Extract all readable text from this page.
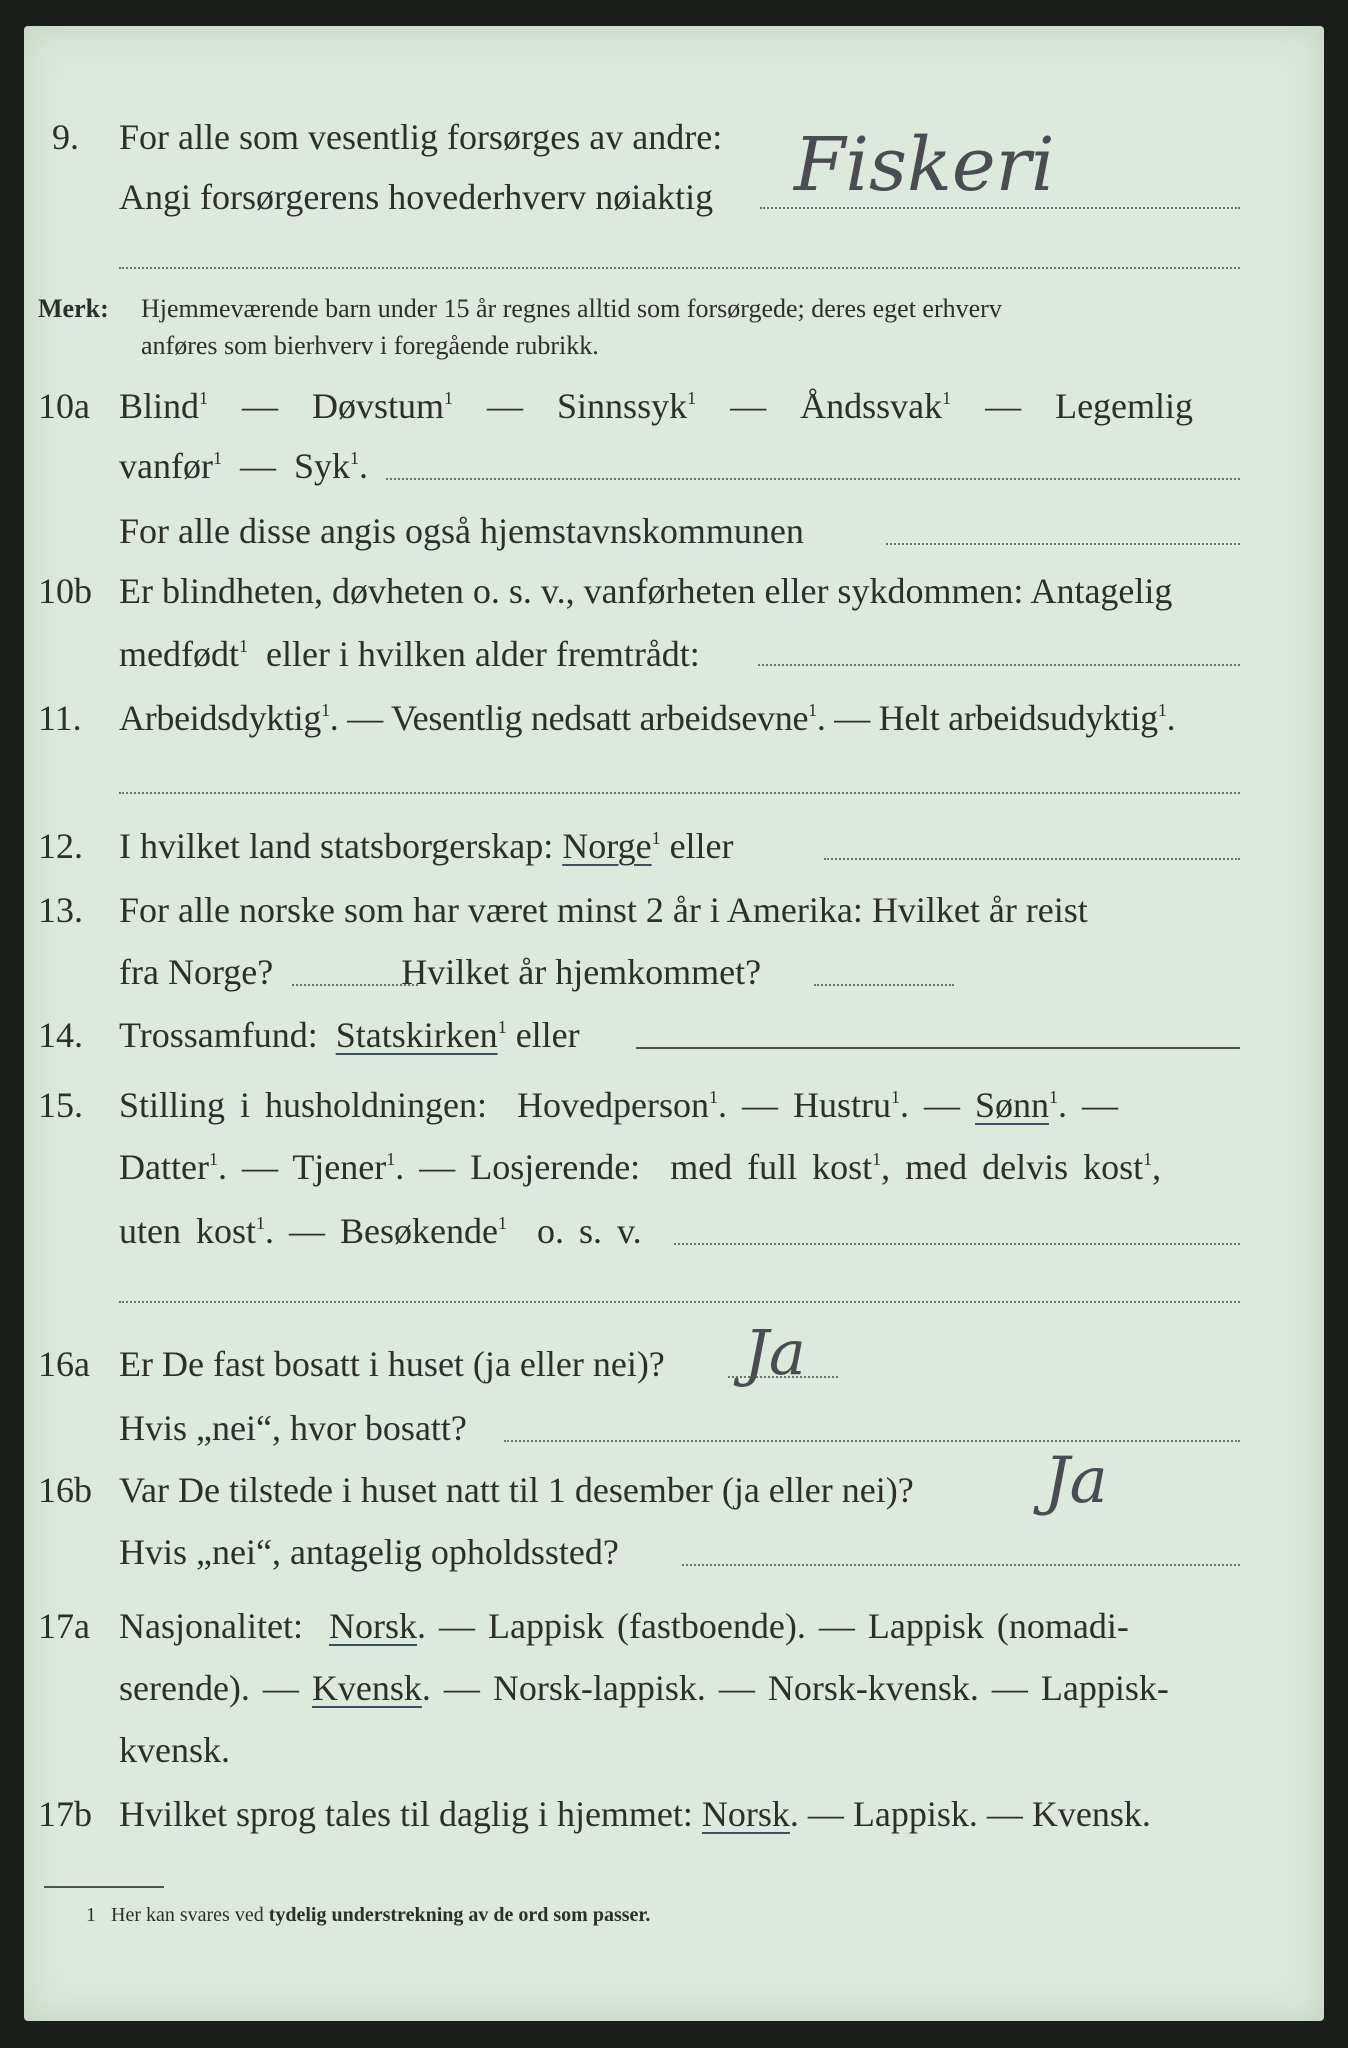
9. For alle som vesentlig forsørges av andre:
Angi forsørgerens hovederhverv nøiaktig Fiskeri
Merk: Hjemmeværende barn under 15 år regnes alltid som forsørgede; deres eget erhverv
anføres som bierhverv i foregående rubrikk.
10a Blind$^1$  —  Døvstum$^1$  —  Sinnssyk$^1$  —  Åndssvak$^1$  —  Legemlig
vanfør$^1$  —  Syk$^1$.
For alle disse angis også hjemstavnskommunen
10b Er blindheten, døvheten o. s. v., vanførheten eller sykdommen: Antagelig
medfødt$^1$ eller i hvilken alder fremtrådt:
11. Arbeidsdyktig$^1$. — Vesentlig nedsatt arbeidsevne$^1$. — Helt arbeidsudyktig$^1$.
12. I hvilket land statsborgerskap: Norge$^1$ eller
13. For alle norske som har været minst 2 år i Amerika: Hvilket år reist
fra Norge?	Hvilket år hjemkommet?
14. Trossamfund: Statskirken$^1$ eller
15. Stilling i husholdningen: Hovedperson$^1$. — Hustru$^1$. — Sønn$^1$. —
Datter$^1$. — Tjener$^1$. — Losjerende: med full kost$^1$, med delvis kost$^1$,
uten kost$^1$. — Besøkende$^1$ o. s. v.
16a Er De fast bosatt i huset (ja eller nei)? Ja
Hvis „nei“, hvor bosatt?
16b Var De tilstede i huset natt til 1 desember (ja eller nei)? Ja
Hvis „nei“, antagelig opholdssted?
17a Nasjonalitet: Norsk. — Lappisk (fastboende). — Lappisk (nomadi-
serende). — Kvensk. — Norsk-lappisk. — Norsk-kvensk. — Lappisk-
kvensk.
17b Hvilket sprog tales til daglig i hjemmet: Norsk. — Lappisk. — Kvensk.
1 Her kan svares ved tydelig understrekning av de ord som passer.
